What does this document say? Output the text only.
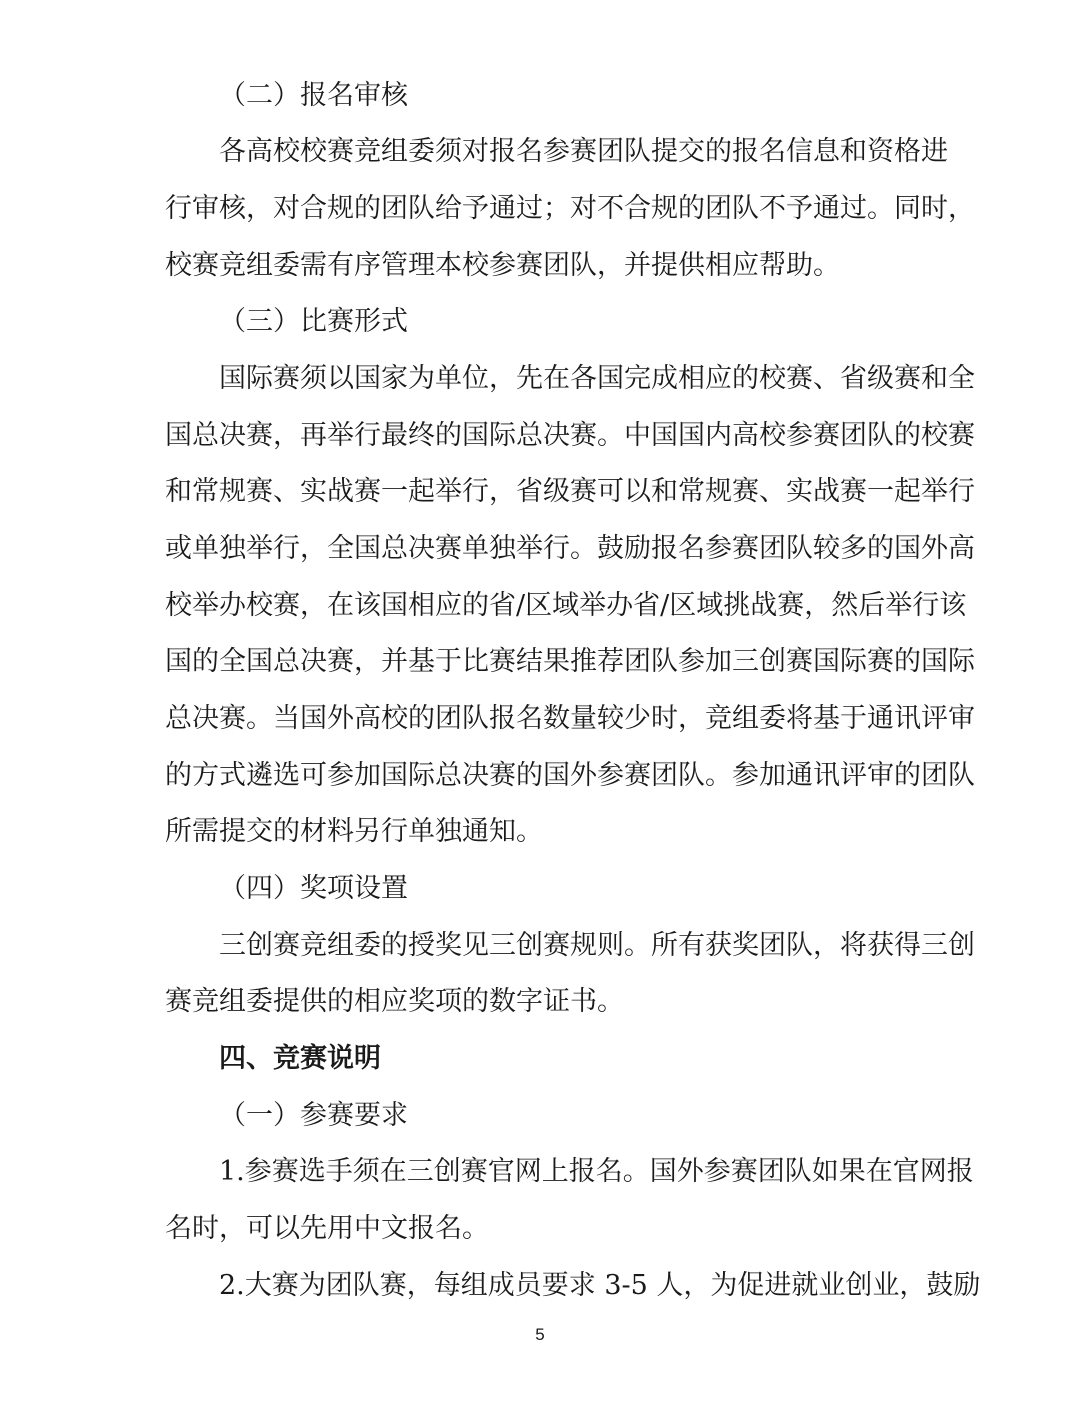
（二）报名审核
各高校校赛竞组委须对报名参赛团队提交的报名信息和资格进
行审核，对合规的团队给予通过；对不合规的团队不予通过。同时，
校赛竞组委需有序管理本校参赛团队，并提供相应帮助。
（三）比赛形式
国际赛须以国家为单位，先在各国完成相应的校赛、省级赛和全
国总决赛，再举行最终的国际总决赛。中国国内高校参赛团队的校赛
和常规赛、实战赛一起举行，省级赛可以和常规赛、实战赛一起举行
或单独举行，全国总决赛单独举行。鼓励报名参赛团队较多的国外高
校举办校赛，在该国相应的省/区域举办省/区域挑战赛，然后举行该
国的全国总决赛，并基于比赛结果推荐团队参加三创赛国际赛的国际
总决赛。当国外高校的团队报名数量较少时，竞组委将基于通讯评审
的方式遴选可参加国际总决赛的国外参赛团队。参加通讯评审的团队
所需提交的材料另行单独通知。
（四）奖项设置
三创赛竞组委的授奖见三创赛规则。所有获奖团队，将获得三创
赛竞组委提供的相应奖项的数字证书。
四、竞赛说明
（一）参赛要求
1.参赛选手须在三创赛官网上报名。国外参赛团队如果在官网报
名时，可以先用中文报名。
2.大赛为团队赛，每组成员要求 3-5 人，为促进就业创业，鼓励
5
